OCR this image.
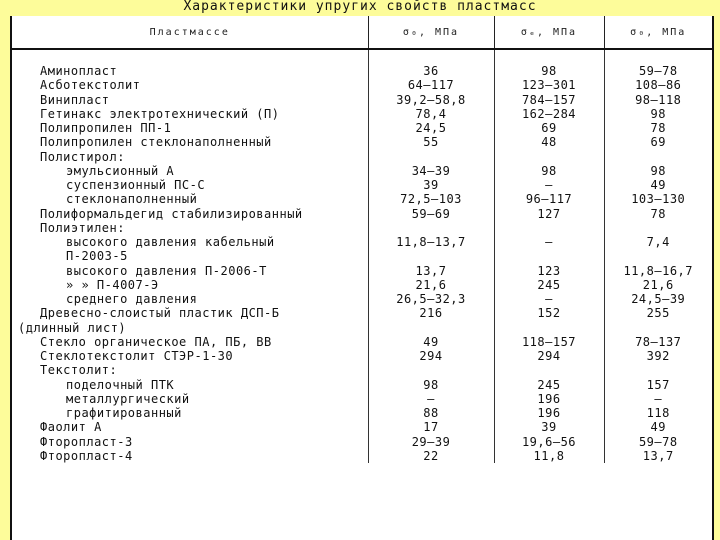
Характеристики упругих свойств пластмасс
Пластмассе	σ₀, МПа	σₑ, МПа	σ₀, МПа

Аминопласт	36	98	59—78
Асботекстолит	64—117	123—301	108—86
Винипласт	39,2—58,8	784—157	98—118
Гетинакс электротехнический (П)	78,4	162—284	98
Полипропилен ПП-1	24,5	69	78
Полипропилен стеклонаполненный	55	48	69
Полистирол:			
эмульсионный А	34—39	98	98
суспензионный ПС-С	39	—	49
стеклонаполненный	72,5—103	96—117	103—130
Полиформальдегид стабилизированный	59—69	127	78
Полиэтилен:			
высокого давления кабельный	11,8—13,7	—	7,4
П-2003-5			
высокого давления П-2006-Т	13,7	123	11,8—16,7
» » П-4007-Э	21,6	245	21,6
среднего давления	26,5—32,3	—	24,5—39
Древесно-слоистый пластик ДСП-Б	216	152	255
(длинный лист)			
Стекло органическое ПА, ПБ, ВВ	49	118—157	78—137
Стеклотекстолит СТЭР-1-30	294	294	392
Текстолит:			
поделочный ПТК	98	245	157
металлургический	—	196	—
графитированный	88	196	118
Фаолит А	17	39	49
Фторопласт-3	29—39	19,6—56	59—78
Фторопласт-4	22	11,8	13,7
